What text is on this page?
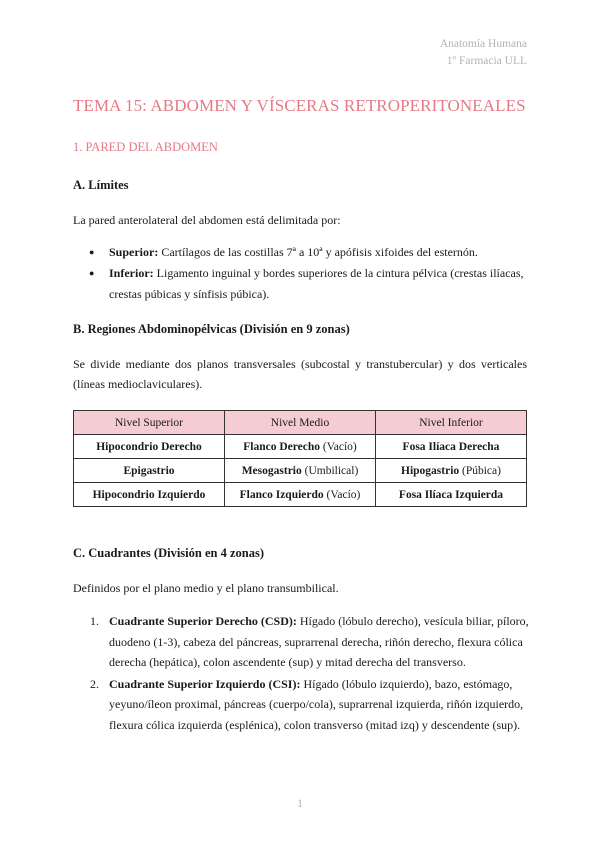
Anatomía Humana
1º Farmacia ULL
TEMA 15: ABDOMEN Y VÍSCERAS RETROPERITONEALES
1. PARED DEL ABDOMEN
A. Límites

La pared anterolateral del abdomen está delimitada por:

● Superior: Cartílagos de las costillas 7ª a 10ª y apófisis xifoides del esternón.
● Inferior: Ligamento inguinal y bordes superiores de la cintura pélvica (crestas ilíacas, crestas púbicas y sínfisis púbica).
B. Regiones Abdominopélvicas (División en 9 zonas)

Se divide mediante dos planos transversales (subcostal y transtubercular) y dos verticales (líneas medioclaviculares).

Nivel Superior	Nivel Medio	Nivel Inferior
Hipocondrio Derecho	Flanco Derecho (Vacío)	Fosa Ilíaca Derecha
Epigastrio	Mesogastrio (Umbilical)	Hipogastrio (Púbica)
Hipocondrio Izquierdo	Flanco Izquierdo (Vacío)	Fosa Ilíaca Izquierda
C. Cuadrantes (División en 4 zonas)

Definidos por el plano medio y el plano transumbilical.

1. Cuadrante Superior Derecho (CSD): Hígado (lóbulo derecho), vesícula biliar, píloro, duodeno (1-3), cabeza del páncreas, suprarrenal derecha, riñón derecho, flexura cólica derecha (hepática), colon ascendente (sup) y mitad derecha del transverso.
2. Cuadrante Superior Izquierdo (CSI): Hígado (lóbulo izquierdo), bazo, estómago, yeyuno/íleon proximal, páncreas (cuerpo/cola), suprarrenal izquierda, riñón izquierdo, flexura cólica izquierda (esplénica), colon transverso (mitad izq) y descendente (sup).
1
